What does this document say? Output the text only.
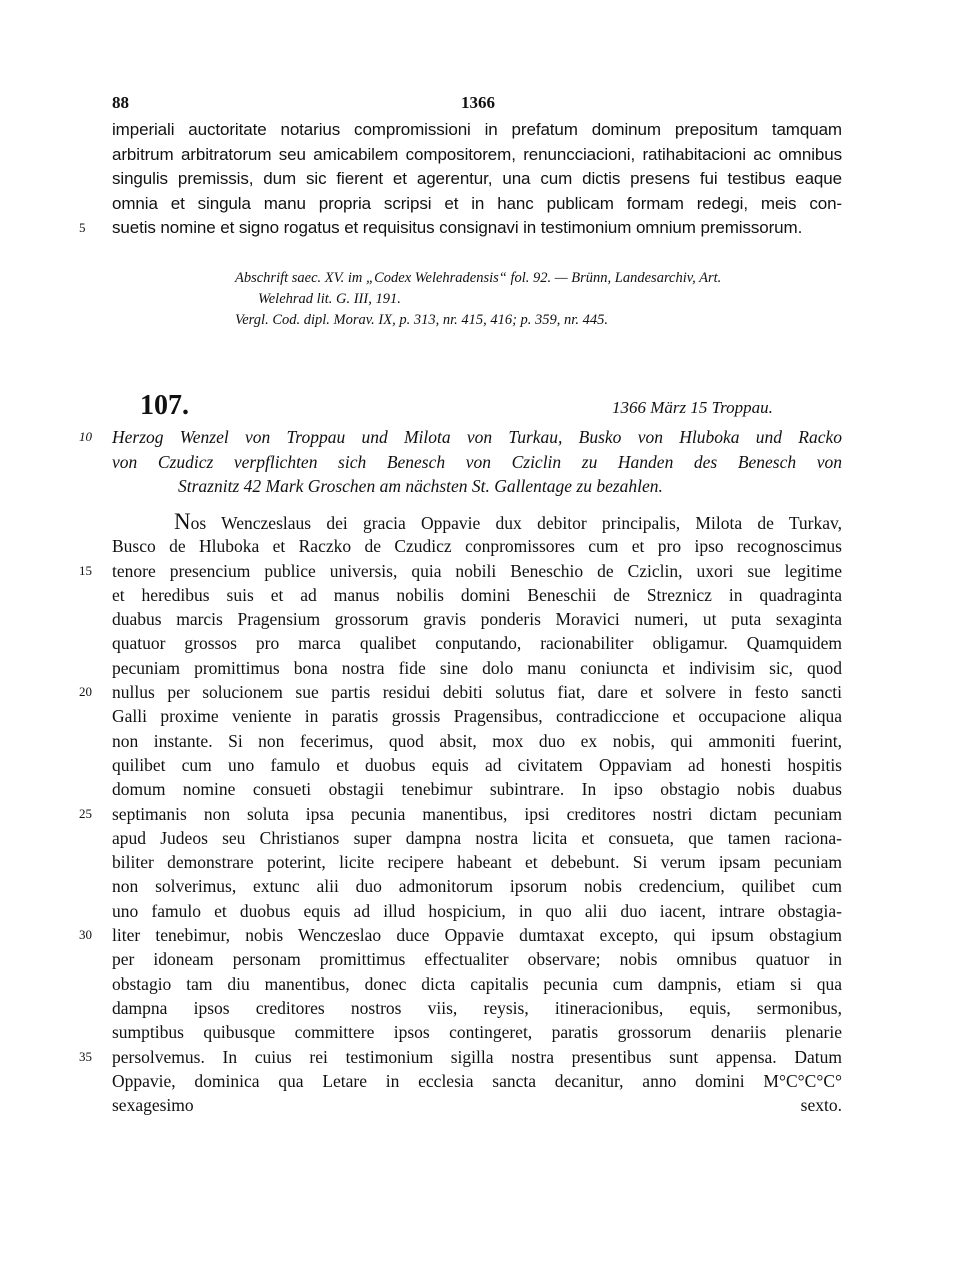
88	1366
imperiali auctoritate notarius compromissioni in prefatum dominum prepositum tamquam
arbitrum arbitratorum seu amicabilem compositorem, renuncciacioni, ratihabitacioni ac omnibus
singulis premissis, dum sic fierent et agerentur, una cum dictis presens fui testibus eaque
omnia et singula manu propria scripsi et in hanc publicam formam redegi, meis con-
5 suetis nomine et signo rogatus et requisitus consignavi in testimonium omnium premissorum.
Abschrift saec. XV. im „Codex Welehradensis“ fol. 92. — Brünn, Landesarchiv, Art.
Welehrad lit. G. III, 191.
Vergl. Cod. dipl. Morav. IX, p. 313, nr. 415, 416; p. 359, nr. 445.
107.	1366 März 15 Troppau.
10 Herzog Wenzel von Troppau und Milota von Turkau, Busko von Hluboka und Racko
von Czudicz verpflichten sich Benesch von Cziclin zu Handen des Benesch von
Straznitz 42 Mark Groschen am nächsten St. Gallentage zu bezahlen.
Nos Wenczeslaus dei gracia Oppavie dux debitor principalis, Milota de Turkav,
Busco de Hluboka et Raczko de Czudicz conpromissores cum et pro ipso recognoscimus
15 tenore presencium publice universis, quia nobili Beneschio de Cziclin, uxori sue legitime
et heredibus suis et ad manus nobilis domini Beneschii de Streznicz in quadraginta
duabus marcis Pragensium grossorum gravis ponderis Moravici numeri, ut puta sexaginta
quatuor grossos pro marca qualibet conputando, racionabiliter obligamur. Quamquidem
pecuniam promittimus bona nostra fide sine dolo manu coniuncta et indivisim sic, quod
20 nullus per solucionem sue partis residui debiti solutus fiat, dare et solvere in festo sancti
Galli proxime veniente in paratis grossis Pragensibus, contradiccione et occupacione aliqua
non instante. Si non fecerimus, quod absit, mox duo ex nobis, qui ammoniti fuerint,
quilibet cum uno famulo et duobus equis ad civitatem Oppaviam ad honesti hospitis
domum nomine consueti obstagii tenebimur subintrare. In ipso obstagio nobis duabus
25 septimanis non soluta ipsa pecunia manentibus, ipsi creditores nostri dictam pecuniam
apud Judeos seu Christianos super dampna nostra licita et consueta, que tamen raciona-
biliter demonstrare poterint, licite recipere habeant et debebunt. Si verum ipsam pecuniam
non solverimus, extunc alii duo admonitorum ipsorum nobis credencium, quilibet cum
uno famulo et duobus equis ad illud hospicium, in quo alii duo iacent, intrare obstagia-
30 liter tenebimur, nobis Wenczeslao duce Oppavie dumtaxat excepto, qui ipsum obstagium
per idoneam personam promittimus effectualiter observare; nobis omnibus quatuor in
obstagio tam diu manentibus, donec dicta capitalis pecunia cum dampnis, etiam si qua
dampna ipsos creditores nostros viis, reysis, itineracionibus, equis, sermonibus,
sumptibus quibusque committere ipsos contingeret, paratis grossorum denariis plenarie
35 persolvemus. In cuius rei testimonium sigilla nostra presentibus sunt appensa. Datum
Oppavie, dominica qua Letare in ecclesia sancta decanitur, anno domini M°C°C°C°
sexagesimo sexto.
